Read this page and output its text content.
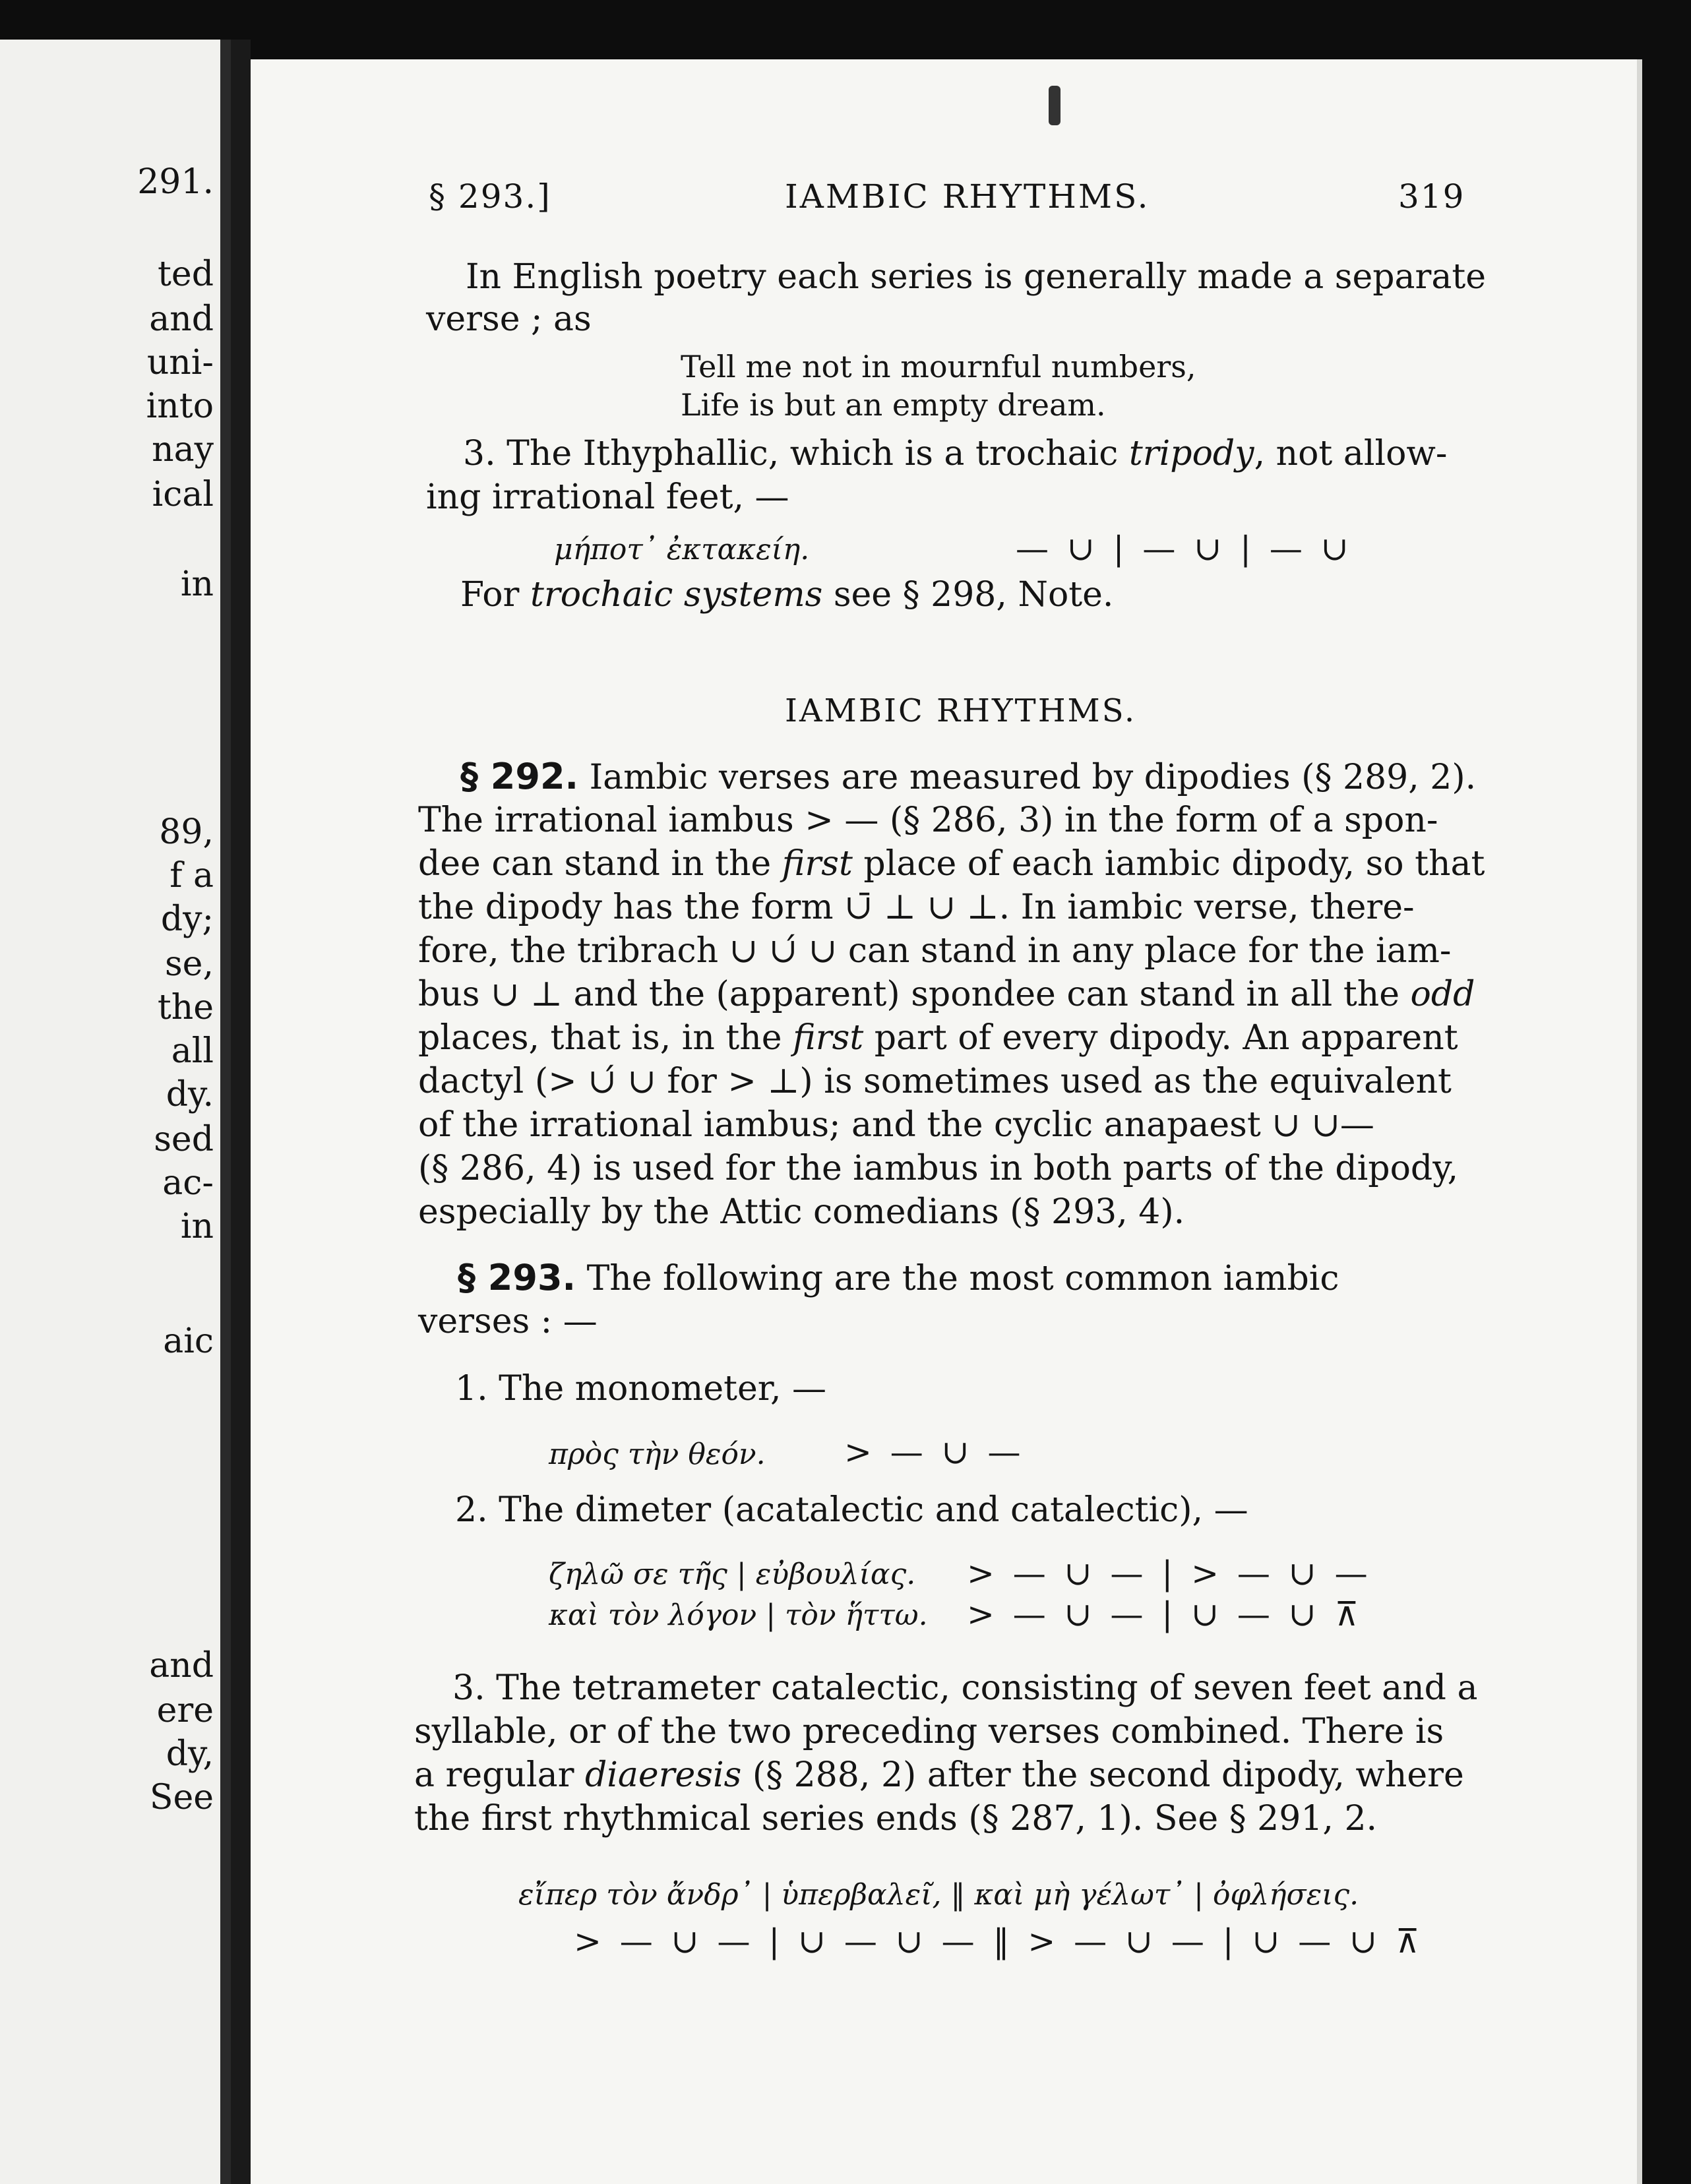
291.
ted
and
uni-
into
nay
ical
in
89,
f a
dy;
se,
the
all
dy.
sed
ac-
in
aic
and
ere
dy,
See
§ 293.]	IAMBIC RHYTHMS.	319
In English poetry each series is generally made a separate
verse ; as
Tell me not in mournful numbers,
Life is but an empty dream.
3. The Ithyphallic, which is a trochaic tripody, not allow-
ing irrational feet, —
μήποτ᾽ ἐκτακείη.	— ∪ | — ∪ | — ∪
For trochaic systems see § 298, Note.
IAMBIC RHYTHMS.
§ 292. Iambic verses are measured by dipodies (§ 289, 2).
The irrational iambus > — (§ 286, 3) in the form of a spon-
dee can stand in the first place of each iambic dipody, so that
the dipody has the form ∪̄ ⊥ ∪ ⊥. In iambic verse, there-
fore, the tribrach ∪ ∪́ ∪ can stand in any place for the iam-
bus ∪ ⊥ and the (apparent) spondee can stand in all the odd
places, that is, in the first part of every dipody. An apparent
dactyl (> ∪́ ∪ for > ⊥) is sometimes used as the equivalent
of the irrational iambus; and the cyclic anapaest ∪ ∪—
(§ 286, 4) is used for the iambus in both parts of the dipody,
especially by the Attic comedians (§ 293, 4).
§ 293. The following are the most common iambic
verses : —
1. The monometer, —
πρὸς τὴν θεόν. > — ∪ —
2. The dimeter (acatalectic and catalectic), —
ζηλῶ σε τῆς | εὐβουλίας. > — ∪ — | > — ∪ —
καὶ τὸν λόγον | τὸν ἥττω. > — ∪ — | ∪ — ∪ ⊼
3. The tetrameter catalectic, consisting of seven feet and a
syllable, or of the two preceding verses combined. There is
a regular diaeresis (§ 288, 2) after the second dipody, where
the first rhythmical series ends (§ 287, 1). See § 291, 2.
εἴπερ τὸν ἄνδρ᾽ | ὑπερβαλεῖ, ‖ καὶ μὴ γέλωτ᾽ | ὀφλήσεις.
> — ∪ — | ∪ — ∪ — ‖ > — ∪ — | ∪ — ∪ ⊼
